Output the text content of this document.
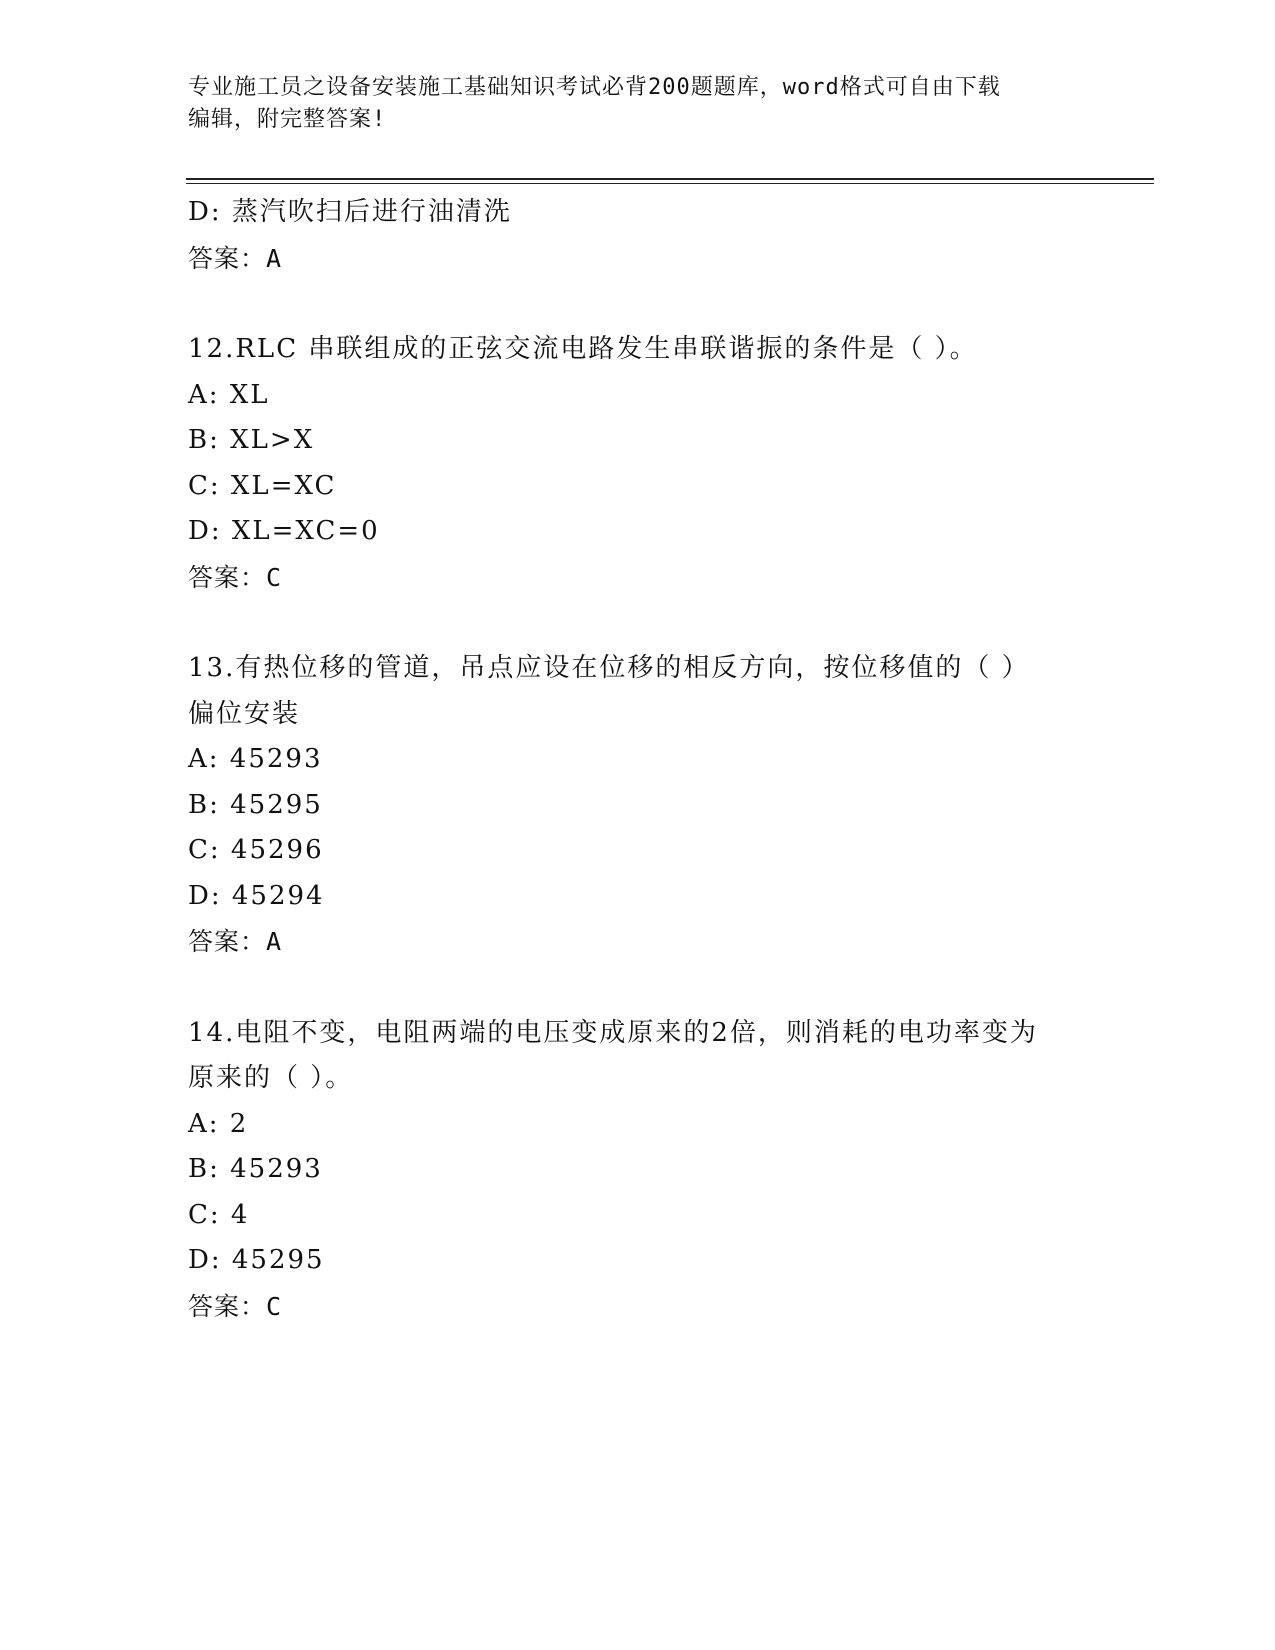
专业施工员之设备安装施工基础知识考试必背200题题库，word格式可自由下载
编辑，附完整答案!
D: 蒸汽吹扫后进行油清洗
答案：A
12.RLC 串联组成的正弦交流电路发生串联谐振的条件是（ ）。
A: XL
B: XL>X
C: XL=XC
D: XL=XC=0
答案：C
13.有热位移的管道，吊点应设在位移的相反方向，按位移值的（ ）
偏位安装
A: 45293
B: 45295
C: 45296
D: 45294
答案：A
14.电阻不变，电阻两端的电压变成原来的2倍，则消耗的电功率变为
原来的（ ）。
A: 2
B: 45293
C: 4
D: 45295
答案：C
